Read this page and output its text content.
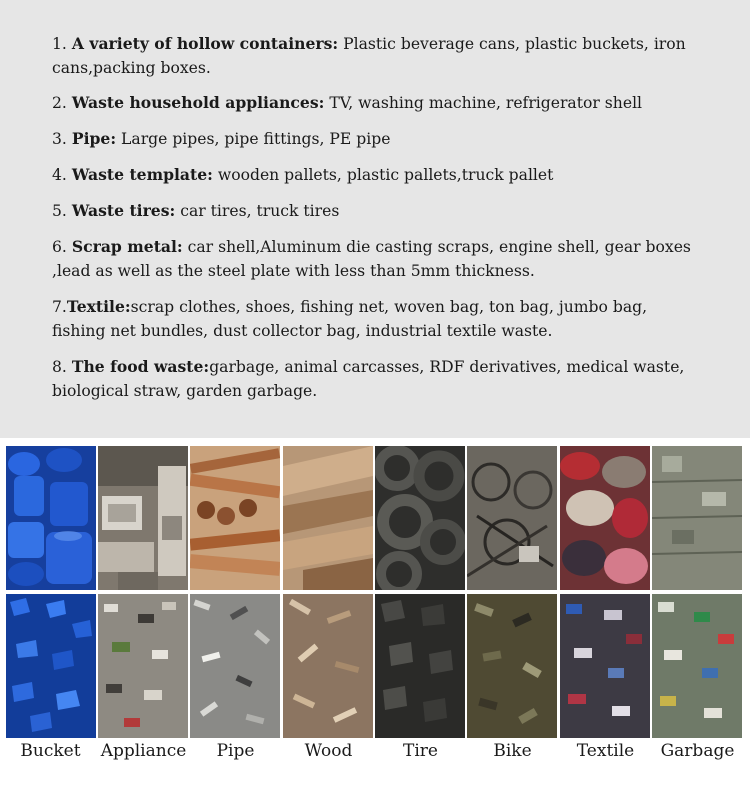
1. A variety of hollow containers: Plastic beverage cans, plastic buckets, iron cans,packing boxes.

2. Waste household appliances: TV, washing machine, refrigerator shell

3. Pipe: Large pipes, pipe fittings, PE pipe

4. Waste template: wooden pallets, plastic pallets,truck pallet

5. Waste tires: car tires, truck tires

6. Scrap metal: car shell,Aluminum die casting scraps, engine shell, gear boxes ,lead as well as the steel plate with less than 5mm thickness.

7.Textile:scrap clothes, shoes, fishing net, woven bag, ton bag, jumbo bag, fishing net bundles, dust collector bag, industrial textile waste.

8. The food waste:garbage, animal carcasses, RDF derivatives, medical waste, biological straw, garden garbage.

Bucket	Appliance	Pipe	Wood	Tire	Bike	Textile	Garbage
